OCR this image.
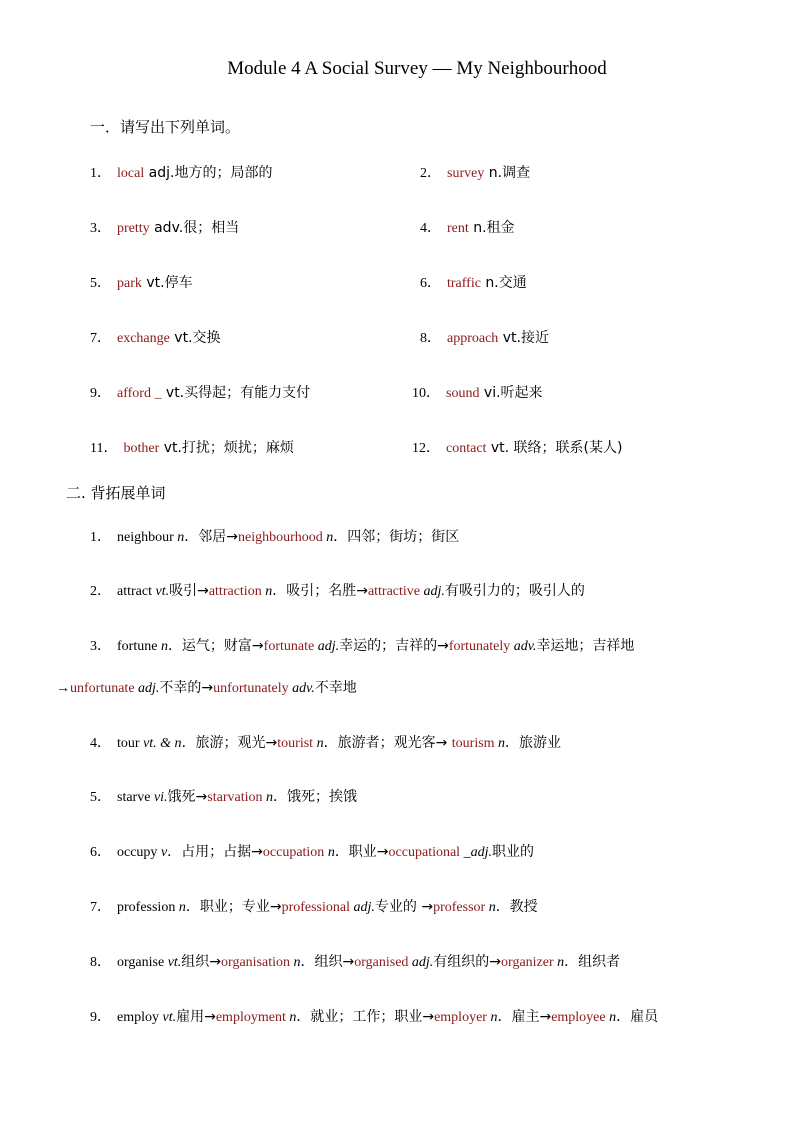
Module 4 A Social Survey — My Neighbourhood
一．请写出下列单词。
1． local adj.地方的；局部的	2． survey n.调查
3． pretty adv.很；相当	4． rent n.租金
5． park vt.停车	6． traffic n.交通
7． exchange vt.交换	8． approach vt.接近
9． afford _ vt.买得起；有能力支付	10． sound vi.听起来
11． bother vt.打扰；烦扰；麻烦	12． contact vt. 联络；联系(某人)
二. 背拓展单词
1． neighbour n．邻居→neighbourhood n．四邻；街坊；街区
2． attract vt.吸引→attraction n．吸引；名胜→attractive adj.有吸引力的；吸引人的
3． fortune n．运气；财富→fortunate adj.幸运的；吉祥的→fortunately adv.幸运地；吉祥地
→unfortunate adj.不幸的→unfortunately adv.不幸地
4． tour vt. & n．旅游；观光→tourist n．旅游者；观光客→ tourism n．旅游业
5． starve vi.饿死→starvation n．饿死；挨饿
6． occupy v．占用；占据→occupation n．职业→occupational _adj.职业的
7． profession n．职业；专业→professional adj.专业的 →professor n．教授
8． organise vt.组织→organisation n．组织→organised adj.有组织的→organizer n．组织者
9． employ vt.雇用→employment n．就业；工作；职业→employer n．雇主→employee n．雇员
